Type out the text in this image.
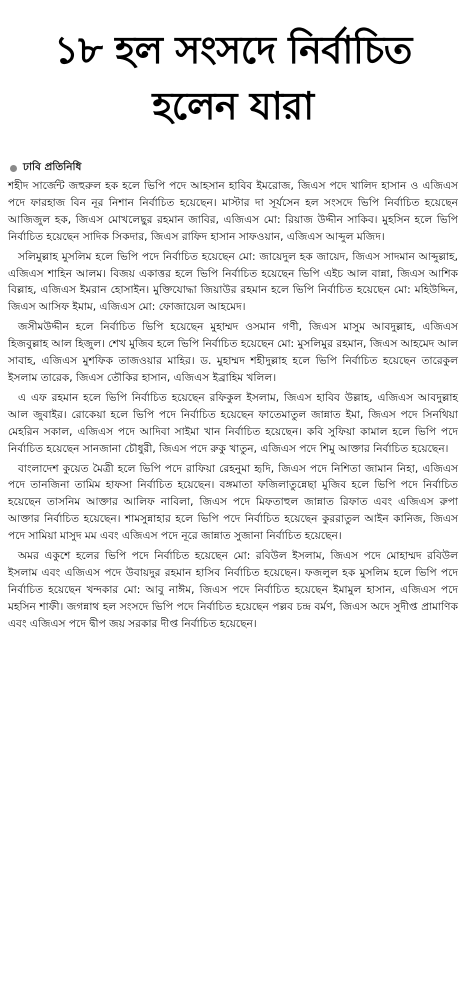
১৮ হল সংসদে নির্বাচিত
হলেন যারা
ঢাবি প্রতিনিধি

শহীদ সার্জেন্ট জহুরুল হক হলে ভিপি পদে আহসান হাবিব ইমরোজ, জিএস পদে খালিদ হাসান ও এজিএস পদে ফারহাজ বিন নূর নিশান নির্বাচিত হয়েছেন। মাস্টার দা সূর্যসেন হল সংসদে ভিপি নির্বাচিত হয়েছেন আজিজুল হক, জিএস মোখলেছুর রহমান জাবির, এজিএস মো: রিয়াজ উদ্দীন সাকিব। মুহসিন হলে ভিপি নির্বাচিত হয়েছেন সাদিক সিকদার, জিএস রাফিদ হাসান সাফওয়ান, এজিএস আব্দুল মজিদ।

সলিমুল্লাহ মুসলিম হলে ভিপি পদে নির্বাচিত হয়েছেন মো: জায়েদুল হক জায়েদ, জিএস সাদমান আব্দুল্লাহ, এজিএস শাহিন আলম। বিজয় একাত্তর হলে ভিপি নির্বাচিত হয়েছেন ভিপি এইচ আল বান্না, জিএস আশিক বিল্লাহ, এজিএস ইমরান হোসাইন। মুক্তিযোদ্ধা জিয়াউর রহমান হলে ভিপি নির্বাচিত হয়েছেন মো: মহিউদ্দিন, জিএস আসিফ ইমাম, এজিএস মো: ফোজায়েল আহমেদ।

জসীমউদ্দীন হলে নির্বাচিত ভিপি হয়েছেন মুহাম্মদ ওসমান গণী, জিএস মাসুম আবদুল্লাহ, এজিএস হিজবুল্লাহ আল হিজুল। শেখ মুজিব হলে ভিপি নির্বাচিত হয়েছেন মো: মুসলিমুর রহমান, জিএস আহমেদ আল সাবাহ, এজিএস মুশফিক তাজওয়ার মাহির। ড. মুহাম্মদ শহীদুল্লাহ হলে ভিপি নির্বাচিত হয়েছেন তারেকুল ইসলাম তারেক, জিএস তৌকির হাসান, এজিএস ইব্রাহিম খলিল।

এ এফ রহমান হলে ভিপি নির্বাচিত হয়েছেন রফিকুল ইসলাম, জিএস হাবিব উল্লাহ, এজিএস আবদুল্লাহ আল জুবাইর। রোকেয়া হলে ভিপি পদে নির্বাচিত হয়েছেন ফাতেমাতুল জান্নাত ইমা, জিএস পদে সিনথিয়া মেহরিন সকাল, এজিএস পদে আদিবা সাইমা খান নির্বাচিত হয়েছেন। কবি সুফিয়া কামাল হলে ভিপি পদে নির্বাচিত হয়েছেন সানজানা চৌধুরী, জিএস পদে রুকু খাতুন, এজিএস পদে শিমু আক্তার নির্বাচিত হয়েছেন।

বাংলাদেশ কুয়েত মৈত্রী হলে ভিপি পদে রাফিয়া রেহনুমা হৃদি, জিএস পদে নিশিতা জামান নিহা, এজিএস পদে তানজিনা তামিম হাফসা নির্বাচিত হয়েছেন। বঙ্গমাতা ফজিলাতুন্নেছা মুজিব হলে ভিপি পদে নির্বাচিত হয়েছেন তাসনিম আক্তার আলিফ নাবিলা, জিএস পদে মিফতাহুল জান্নাত রিফাত এবং এজিএস রুপা আক্তার নির্বাচিত হয়েছেন। শামসুন্নাহার হলে ভিপি পদে নির্বাচিত হয়েছেন কুররাতুল আইন কানিজ, জিএস পদে সামিয়া মাসুদ মম এবং এজিএস পদে নূরে জান্নাত সুজানা নির্বাচিত হয়েছেন।

অমর একুশে হলের ভিপি পদে নির্বাচিত হয়েছেন মো: রবিউল ইসলাম, জিএস পদে মোহাম্মদ রবিউল ইসলাম এবং এজিএস পদে উবায়দুর রহমান হাসিব নির্বাচিত হয়েছেন। ফজলুল হক মুসলিম হলে ভিপি পদে নির্বাচিত হয়েছেন খন্দকার মো: আবু নাঈম, জিএস পদে নির্বাচিত হয়েছেন ইমামুল হাসান, এজিএস পদে মহসিন শাফী। জগন্নাথ হল সংসদে ভিপি পদে নির্বাচিত হয়েছেন পল্লব চন্দ্র বর্মণ, জিএস অদে সুদীপ্ত প্রামাণিক এবং এজিএস পদে দ্বীপ জয় সরকার দীপ্ত নির্বাচিত হয়েছেন।
